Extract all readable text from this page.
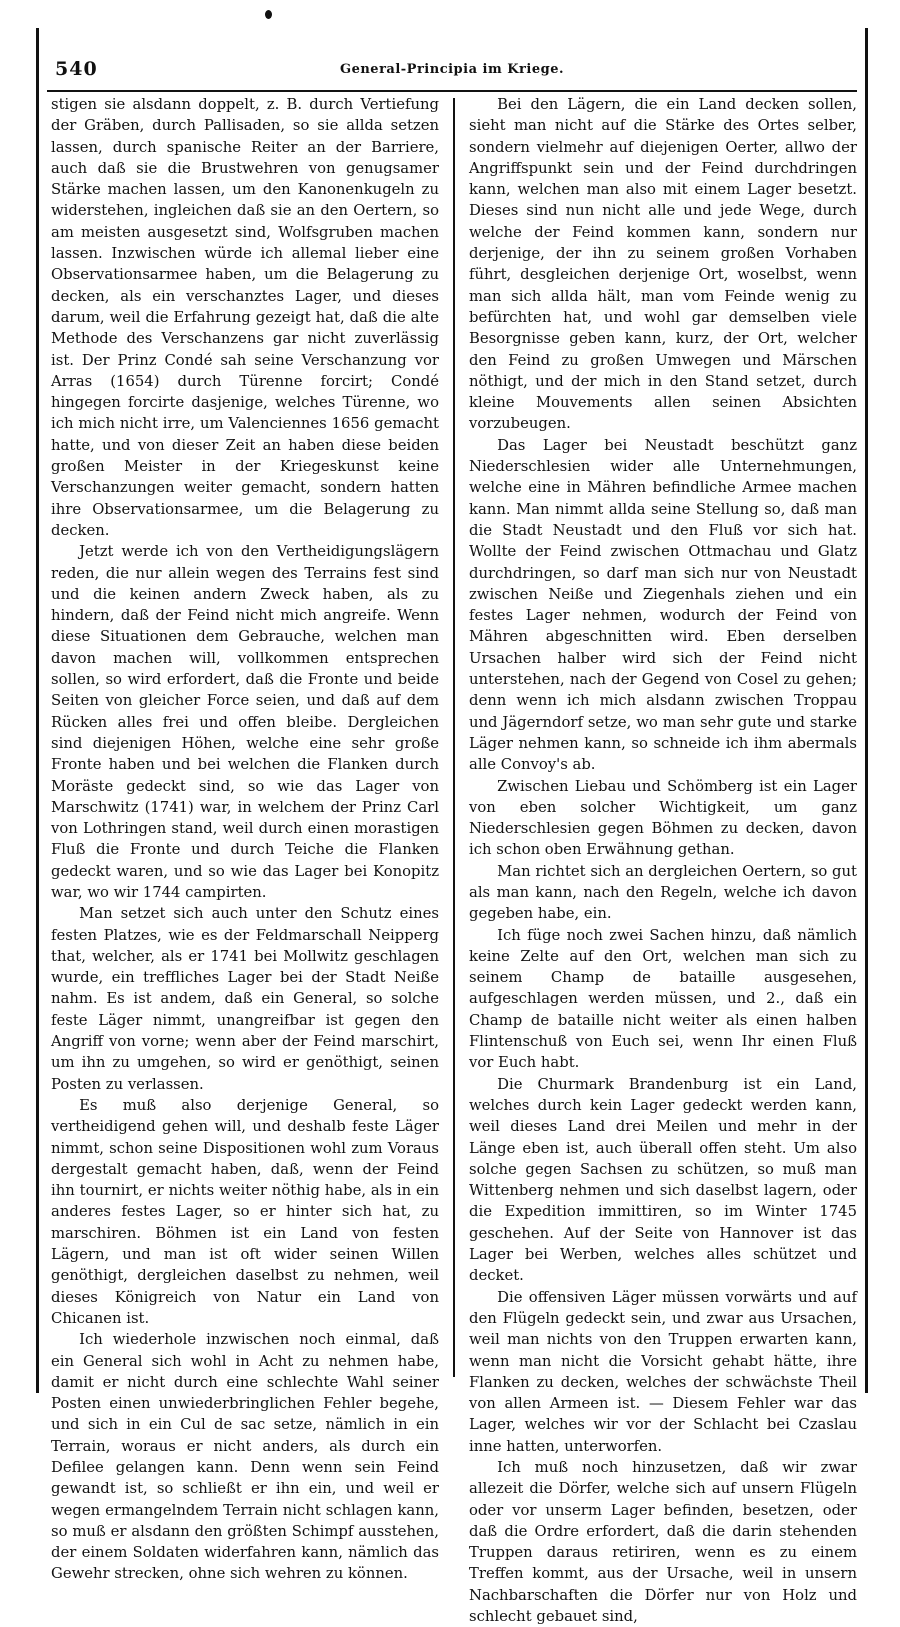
540	General-Principia im Kriege.

stigen sie alsdann doppelt, z. B. durch Vertiefung der Gräben, durch Pallisaden, so sie allda setzen lassen, durch spanische Reiter an der Barriere, auch daß sie die Brustwehren von genugsamer Stärke machen lassen, um den Kanonenkugeln zu widerstehen, ingleichen daß sie an den Oertern, so am meisten ausgesetzt sind, Wolfsgruben machen lassen. Inzwischen würde ich allemal lieber eine Observationsarmee haben, um die Belagerung zu decken, als ein verschanztes Lager, und dieses darum, weil die Erfahrung gezeigt hat, daß die alte Methode des Verschanzens gar nicht zuverlässig ist. Der Prinz Condé sah seine Verschanzung vor Arras (1654) durch Türenne forcirt; Condé hingegen forcirte dasjenige, welches Türenne, wo ich mich nicht irre, um Valenciennes 1656 gemacht hatte, und von dieser Zeit an haben diese beiden großen Meister in der Kriegeskunst keine Verschanzungen weiter gemacht, sondern hatten ihre Observationsarmee, um die Belagerung zu decken.

Jetzt werde ich von den Vertheidigungslägern reden, die nur allein wegen des Terrains fest sind und die keinen andern Zweck haben, als zu hindern, daß der Feind nicht mich angreife. Wenn diese Situationen dem Gebrauche, welchen man davon machen will, vollkommen entsprechen sollen, so wird erfordert, daß die Fronte und beide Seiten von gleicher Force seien, und daß auf dem Rücken alles frei und offen bleibe. Dergleichen sind diejenigen Höhen, welche eine sehr große Fronte haben und bei welchen die Flanken durch Moräste gedeckt sind, so wie das Lager von Marschwitz (1741) war, in welchem der Prinz Carl von Lothringen stand, weil durch einen morastigen Fluß die Fronte und durch Teiche die Flanken gedeckt waren, und so wie das Lager bei Konopitz war, wo wir 1744 campirten.

Man setzet sich auch unter den Schutz eines festen Platzes, wie es der Feldmarschall Neipperg that, welcher, als er 1741 bei Mollwitz geschlagen wurde, ein treffliches Lager bei der Stadt Neiße nahm. Es ist andem, daß ein General, so solche feste Läger nimmt, unangreifbar ist gegen den Angriff von vorne; wenn aber der Feind marschirt, um ihn zu umgehen, so wird er genöthigt, seinen Posten zu verlassen.

Es muß also derjenige General, so vertheidigend gehen will, und deshalb feste Läger nimmt, schon seine Dispositionen wohl zum Voraus dergestalt gemacht haben, daß, wenn der Feind ihn tournirt, er nichts weiter nöthig habe, als in ein anderes festes Lager, so er hinter sich hat, zu marschiren. Böhmen ist ein Land von festen Lägern, und man ist oft wider seinen Willen genöthigt, dergleichen daselbst zu nehmen, weil dieses Königreich von Natur ein Land von Chicanen ist.

Ich wiederhole inzwischen noch einmal, daß ein General sich wohl in Acht zu nehmen habe, damit er nicht durch eine schlechte Wahl seiner Posten einen unwiederbringlichen Fehler begehe, und sich in ein Cul de sac setze, nämlich in ein Terrain, woraus er nicht anders, als durch ein Defilee gelangen kann. Denn wenn sein Feind gewandt ist, so schließt er ihn ein, und weil er wegen ermangelndem Terrain nicht schlagen kann, so muß er alsdann den größten Schimpf ausstehen, der einem Soldaten widerfahren kann, nämlich das Gewehr strecken, ohne sich wehren zu können.

Bei den Lägern, die ein Land decken sollen, sieht man nicht auf die Stärke des Ortes selber, sondern vielmehr auf diejenigen Oerter, allwo der Angriffspunkt sein und der Feind durchdringen kann, welchen man also mit einem Lager besetzt. Dieses sind nun nicht alle und jede Wege, durch welche der Feind kommen kann, sondern nur derjenige, der ihn zu seinem großen Vorhaben führt, desgleichen derjenige Ort, woselbst, wenn man sich allda hält, man vom Feinde wenig zu befürchten hat, und wohl gar demselben viele Besorgnisse geben kann, kurz, der Ort, welcher den Feind zu großen Umwegen und Märschen nöthigt, und der mich in den Stand setzet, durch kleine Mouvements allen seinen Absichten vorzubeugen.

Das Lager bei Neustadt beschützt ganz Niederschlesien wider alle Unternehmungen, welche eine in Mähren befindliche Armee machen kann. Man nimmt allda seine Stellung so, daß man die Stadt Neustadt und den Fluß vor sich hat. Wollte der Feind zwischen Ottmachau und Glatz durchdringen, so darf man sich nur von Neustadt zwischen Neiße und Ziegenhals ziehen und ein festes Lager nehmen, wodurch der Feind von Mähren abgeschnitten wird. Eben derselben Ursachen halber wird sich der Feind nicht unterstehen, nach der Gegend von Cosel zu gehen; denn wenn ich mich alsdann zwischen Troppau und Jägerndorf setze, wo man sehr gute und starke Läger nehmen kann, so schneide ich ihm abermals alle Convoy's ab.

Zwischen Liebau und Schömberg ist ein Lager von eben solcher Wichtigkeit, um ganz Niederschlesien gegen Böhmen zu decken, davon ich schon oben Erwähnung gethan.

Man richtet sich an dergleichen Oertern, so gut als man kann, nach den Regeln, welche ich davon gegeben habe, ein.

Ich füge noch zwei Sachen hinzu, daß nämlich keine Zelte auf den Ort, welchen man sich zu seinem Champ de bataille ausgesehen, aufgeschlagen werden müssen, und 2., daß ein Champ de bataille nicht weiter als einen halben Flintenschuß von Euch sei, wenn Ihr einen Fluß vor Euch habt.

Die Churmark Brandenburg ist ein Land, welches durch kein Lager gedeckt werden kann, weil dieses Land drei Meilen und mehr in der Länge eben ist, auch überall offen steht. Um also solche gegen Sachsen zu schützen, so muß man Wittenberg nehmen und sich daselbst lagern, oder die Expedition immittiren, so im Winter 1745 geschehen. Auf der Seite von Hannover ist das Lager bei Werben, welches alles schützet und decket.

Die offensiven Läger müssen vorwärts und auf den Flügeln gedeckt sein, und zwar aus Ursachen, weil man nichts von den Truppen erwarten kann, wenn man nicht die Vorsicht gehabt hätte, ihre Flanken zu decken, welches der schwächste Theil von allen Armeen ist. — Diesem Fehler war das Lager, welches wir vor der Schlacht bei Czaslau inne hatten, unterworfen.

Ich muß noch hinzusetzen, daß wir zwar allezeit die Dörfer, welche sich auf unsern Flügeln oder vor unserm Lager befinden, besetzen, oder daß die Ordre erfordert, daß die darin stehenden Truppen daraus retiriren, wenn es zu einem Treffen kommt, aus der Ursache, weil in unsern Nachbarschaften die Dörfer nur von Holz und schlecht gebauet sind,
